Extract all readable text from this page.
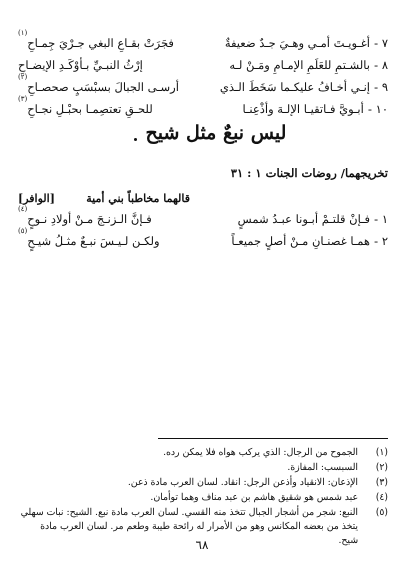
٧ -
أغـويـتَ أمـي وهـيَ جـدٌ ضعيفةٌ
فجَرَتْ بقـاعِ البغي جـرْيَ جِمـاحِ
(١)
٨ -
بالشـتمِ للعَلَمِ الإمـامِ ومَـنْ لـه
إرْثُ النبـيِّ بـأوْكَـدِ الإيضـاحِ
٩ -
إنـي أخـافُ عليكـما سَخَطَ الـذي
أرسـى الجبالَ بسبْسَبٍ صحصـاحِ
(٢)
١٠ -
أبـويَّ فـاتقيـا الإلـهَ وأذْعِنـا
للحـقِ تعتصِمـا بحبْـلِ نجـاحِ
(٣)
ليس نبعٌ مثل شيح
تخريجهما/ روضات الجنات ١ : ٣١
قالهما مخاطباً بني أمية
[الوافر]
١ -
فـإنْ قلتـمْ أبـونا عبـدُ شمسٍ
فـإنَّ الـزنـجَ مـنْ أولادِ نـوحٍ
(٤)
٢ -
همـا غصنـانِ مـنْ أصلٍ جميعـاً
ولكـن لـيـسَ نبـعٌ مثـلُ شيـحٍ
(٥)
(١)
الجموح من الرجال: الذي يركب هواه فلا يمكن رده.
(٢)
السبسب: المفازة.
(٣)
الإذعان: الانقياد وأذعن الرجل: انقاد. لسان العرب مادة ذعن.
(٤)
عبد شمس هو شقيق هاشم بن عبد مناف وهما توأمان.
(٥)
النبع: شجر من أشجار الجبال تتخذ منه القسي. لسان العرب مادة نبع. الشيح: نبات سهلي يتخذ من بعضه المكانس وهو من الأمرار له رائحة طيبة وطعم مر. لسان العرب مادة شيح.
٦٨
